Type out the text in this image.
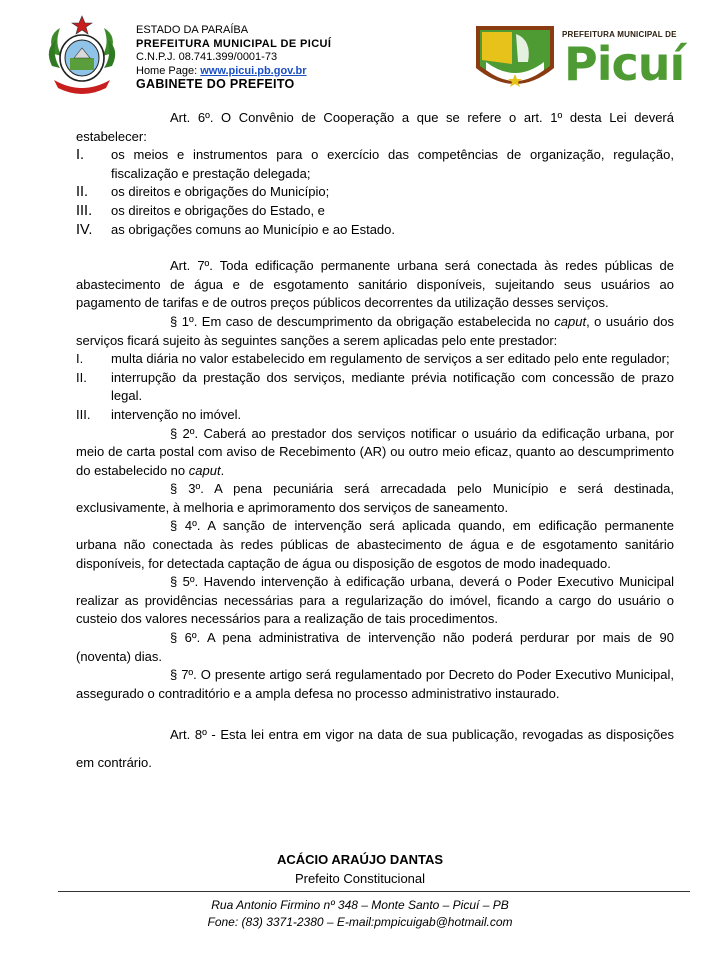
ESTADO DA PARAÍBA
PREFEITURA MUNICIPAL DE PICUÍ
C.N.P.J. 08.741.399/0001-73
Home Page: www.picui.pb.gov.br
GABINETE DO PREFEITO
PREFEITURA MUNICIPAL DE
Picuí

Art. 6º. O Convênio de Cooperação a que se refere o art. 1º desta Lei deverá estabelecer:

I.	os meios e instrumentos para o exercício das competências de organização, regulação, fiscalização e prestação delegada;
II.	os direitos e obrigações do Município;
III.	os direitos e obrigações do Estado, e
IV.	as obrigações comuns ao Município e ao Estado.

Art. 7º. Toda edificação permanente urbana será conectada às redes públicas de abastecimento de água e de esgotamento sanitário disponíveis, sujeitando seus usuários ao pagamento de tarifas e de outros preços públicos decorrentes da utilização desses serviços.

§ 1º. Em caso de descumprimento da obrigação estabelecida no caput, o usuário dos serviços ficará sujeito às seguintes sanções a serem aplicadas pelo ente prestador:

I.	multa diária no valor estabelecido em regulamento de serviços a ser editado pelo ente regulador;
II.	interrupção da prestação dos serviços, mediante prévia notificação com concessão de prazo legal.
III.	intervenção no imóvel.

§ 2º. Caberá ao prestador dos serviços notificar o usuário da edificação urbana, por meio de carta postal com aviso de Recebimento (AR) ou outro meio eficaz, quanto ao descumprimento do estabelecido no caput.

§ 3º. A pena pecuniária será arrecadada pelo Município e será destinada, exclusivamente, à melhoria e aprimoramento dos serviços de saneamento.

§ 4º. A sanção de intervenção será aplicada quando, em edificação permanente urbana não conectada às redes públicas de abastecimento de água e de esgotamento sanitário disponíveis, for detectada captação de água ou disposição de esgotos de modo inadequado.

§ 5º. Havendo intervenção à edificação urbana, deverá o Poder Executivo Municipal realizar as providências necessárias para a regularização do imóvel, ficando a cargo do usuário o custeio dos valores necessários para a realização de tais procedimentos.

§ 6º. A pena administrativa de intervenção não poderá perdurar por mais de 90 (noventa) dias.

§ 7º. O presente artigo será regulamentado por Decreto do Poder Executivo Municipal, assegurado o contraditório e a ampla defesa no processo administrativo instaurado.

Art. 8º - Esta lei entra em vigor na data de sua publicação, revogadas as disposições em contrário.

ACÁCIO ARAÚJO DANTAS
Prefeito Constitucional
Rua Antonio Firmino nº 348 – Monte Santo – Picuí – PB
Fone: (83) 3371-2380 – E-mail:pmpicuigab@hotmail.com
